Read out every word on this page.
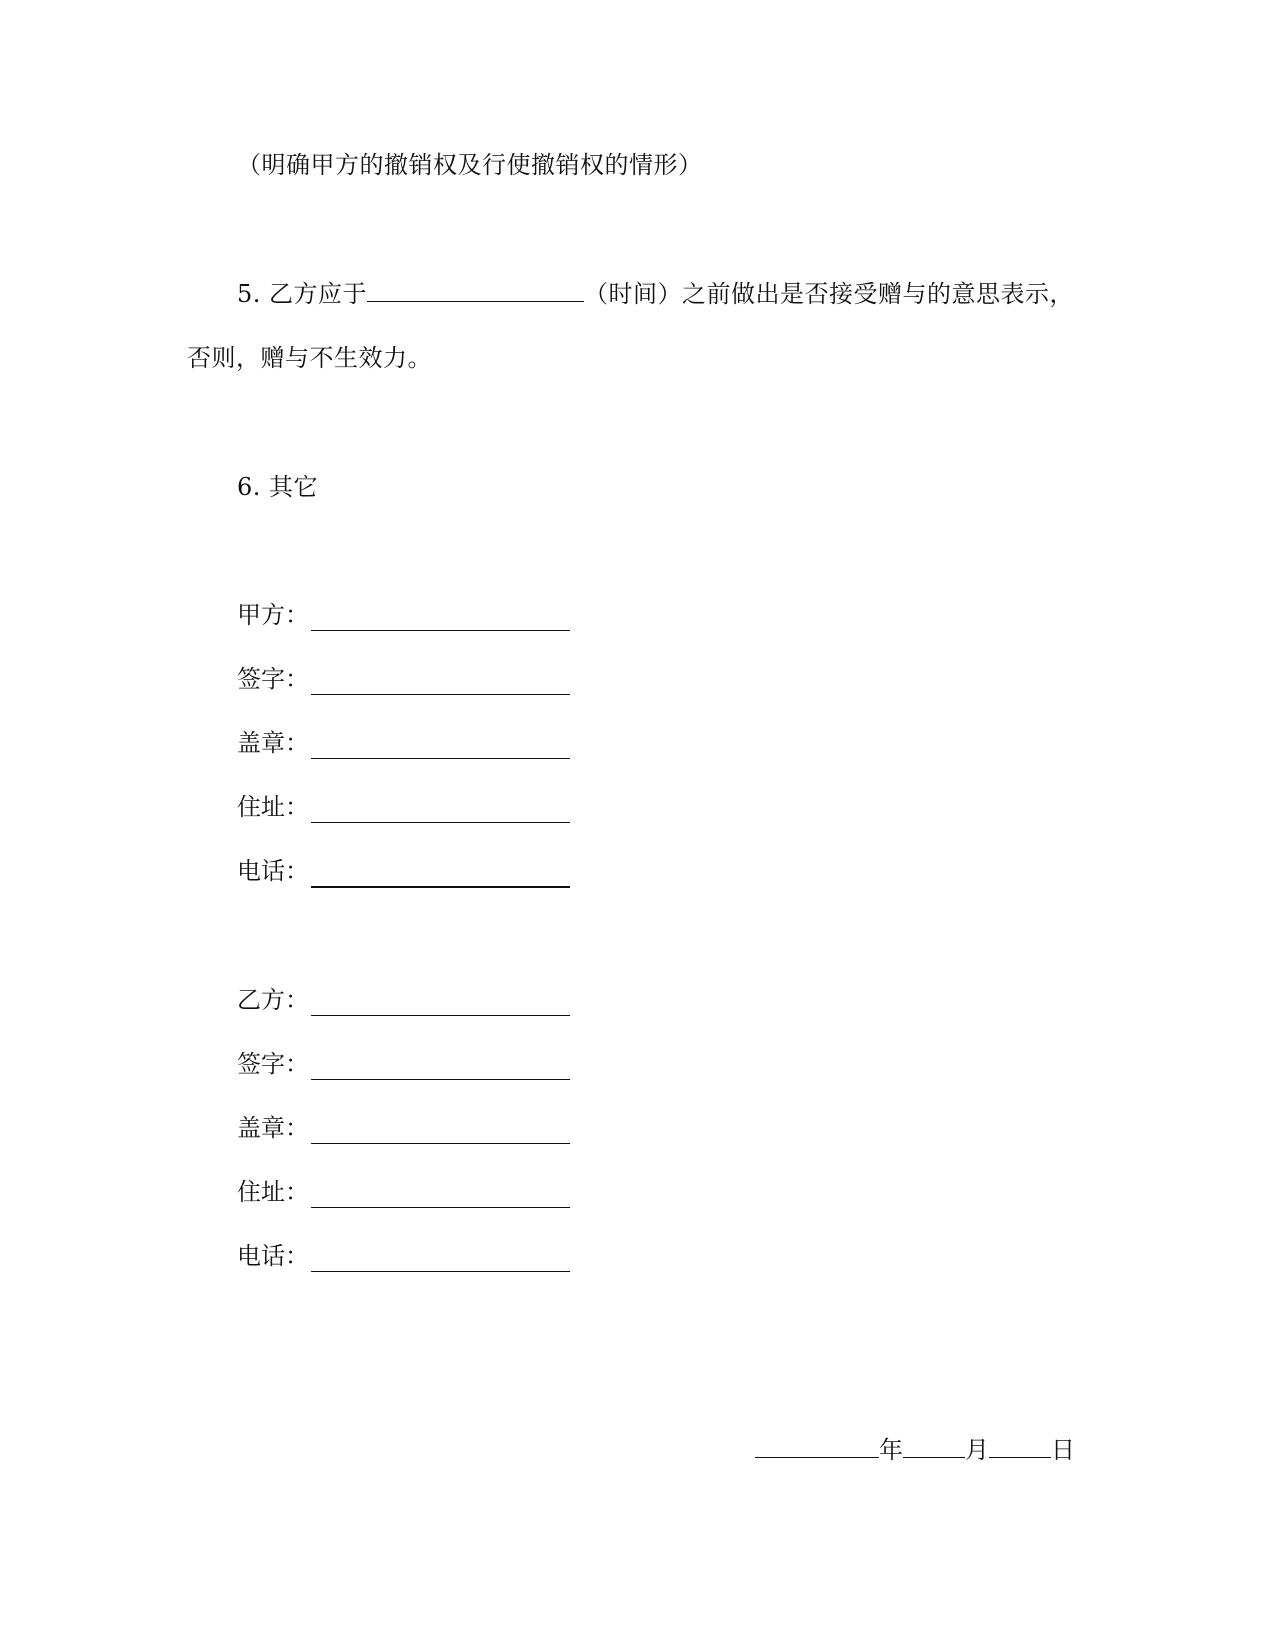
（明确甲方的撤销权及行使撤销权的情形）
5. 乙方应于	（时间）之前做出是否接受赠与的意思表示，
否则，赠与不生效力。
6. 其它
甲方：
签字：
盖章：
住址：
电话：
乙方：
签字：
盖章：
住址：
电话：
年	月	日
